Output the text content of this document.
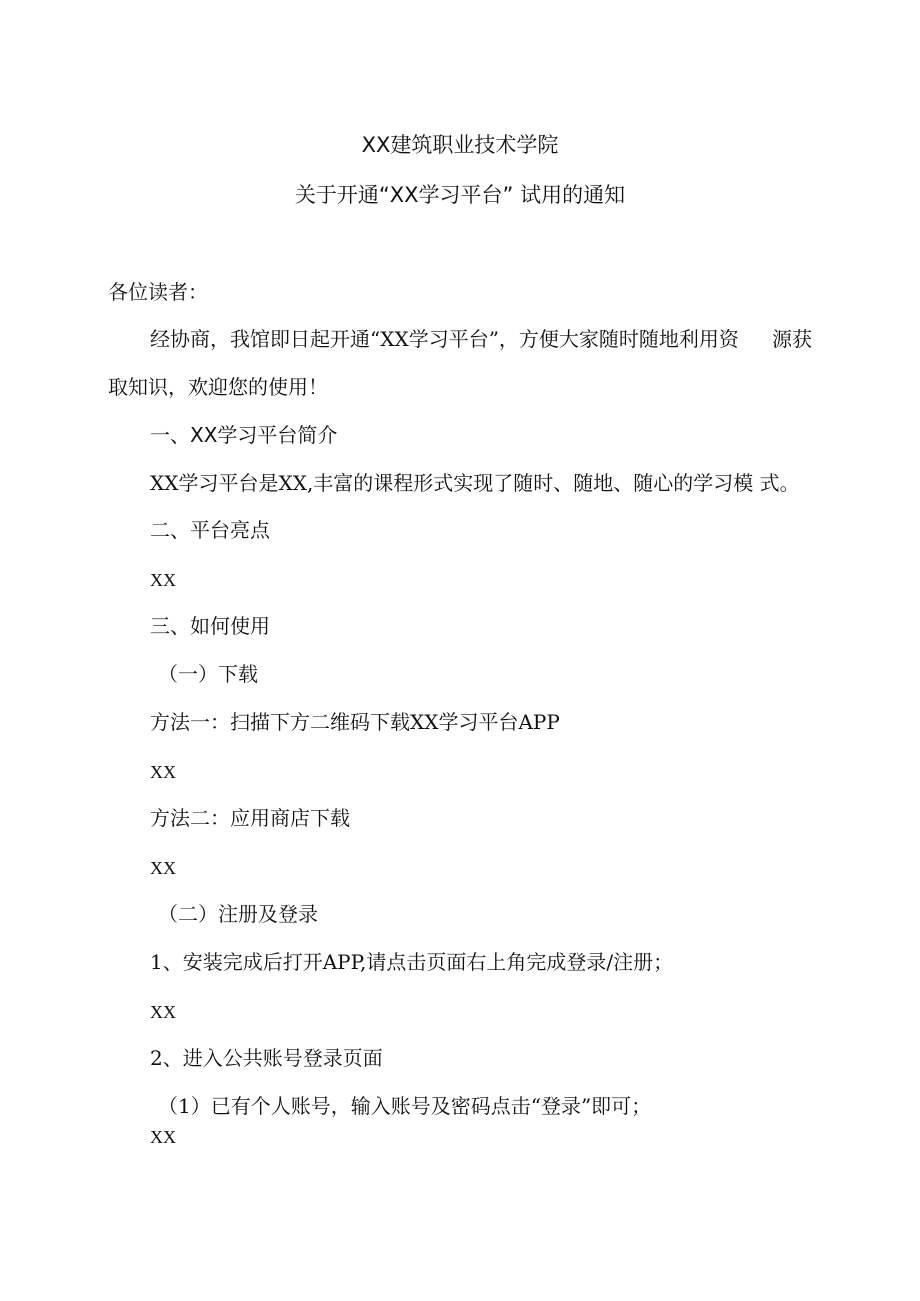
XX建筑职业技术学院
关于开通“XX学习平台” 试用的通知
各位读者：
经协商，我馆即日起开通“XX学习平台”，方便大家随时随地利用资 源获
取知识，欢迎您的使用！
一、XX学习平台简介
XX学习平台是XX,丰富的课程形式实现了随时、随地、随心的学习模 式。
二、平台亮点
XX
三、如何使用
（一）下载
方法一：扫描下方二维码下载XX学习平台APP
XX
方法二：应用商店下载
XX
（二）注册及登录
1、安装完成后打开APP,请点击页面右上角完成登录/注册；
XX
2、进入公共账号登录页面
（1）已有个人账号，输入账号及密码点击“登录”即可；
XX
